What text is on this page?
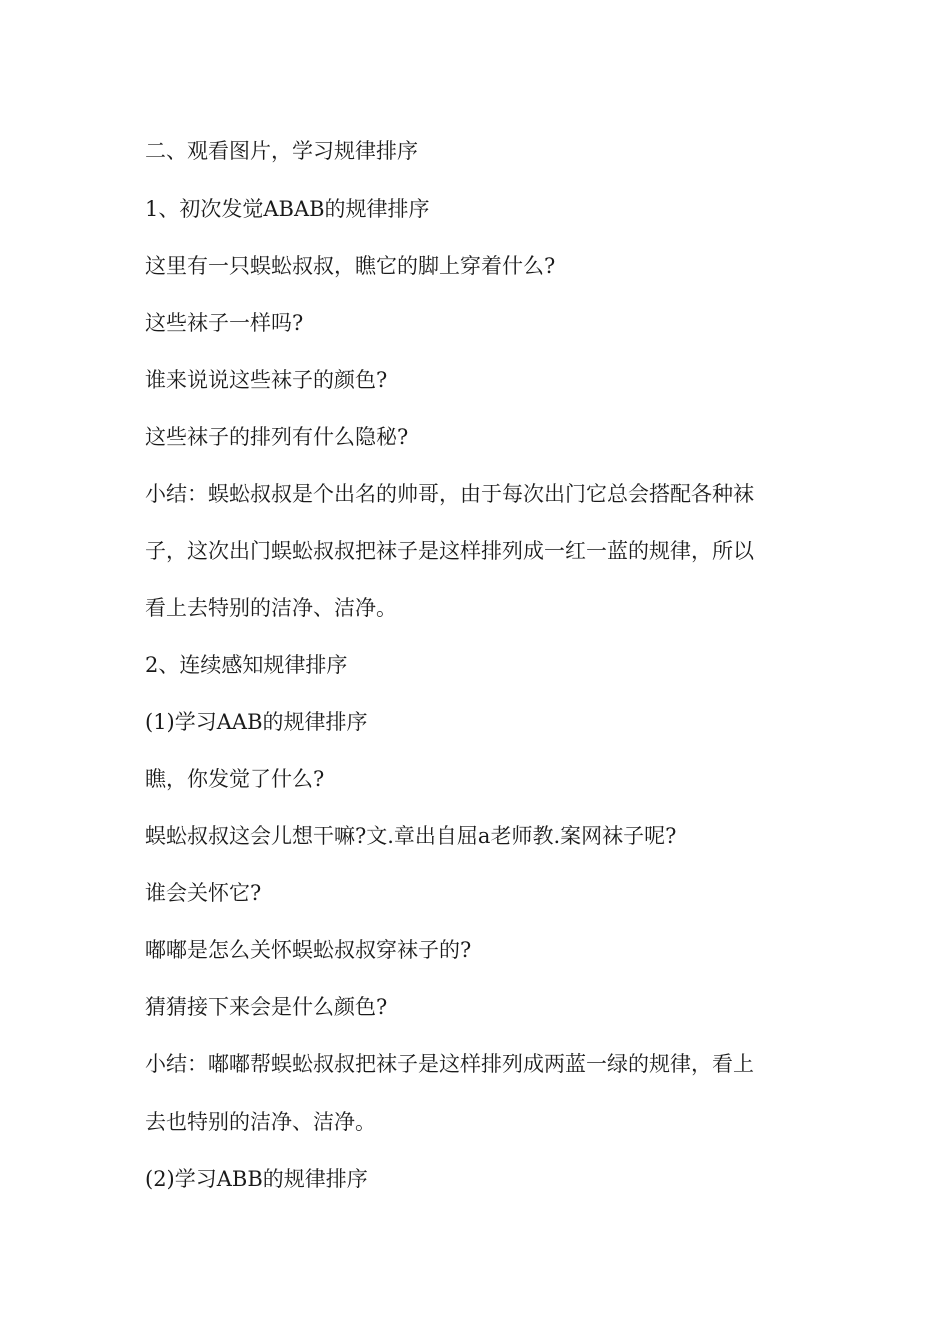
二、观看图片，学习规律排序
1、初次发觉ABAB的规律排序
这里有一只蜈蚣叔叔，瞧它的脚上穿着什么?
这些袜子一样吗?
谁来说说这些袜子的颜色?
这些袜子的排列有什么隐秘?
小结：蜈蚣叔叔是个出名的帅哥，由于每次出门它总会搭配各种袜
子，这次出门蜈蚣叔叔把袜子是这样排列成一红一蓝的规律，所以
看上去特别的洁净、洁净。
2、连续感知规律排序
(1)学习AAB的规律排序
瞧，你发觉了什么?
蜈蚣叔叔这会儿想干嘛?文.章出自屈a老师教.案网袜子呢?
谁会关怀它?
嘟嘟是怎么关怀蜈蚣叔叔穿袜子的?
猜猜接下来会是什么颜色?
小结：嘟嘟帮蜈蚣叔叔把袜子是这样排列成两蓝一绿的规律，看上
去也特别的洁净、洁净。
(2)学习ABB的规律排序
